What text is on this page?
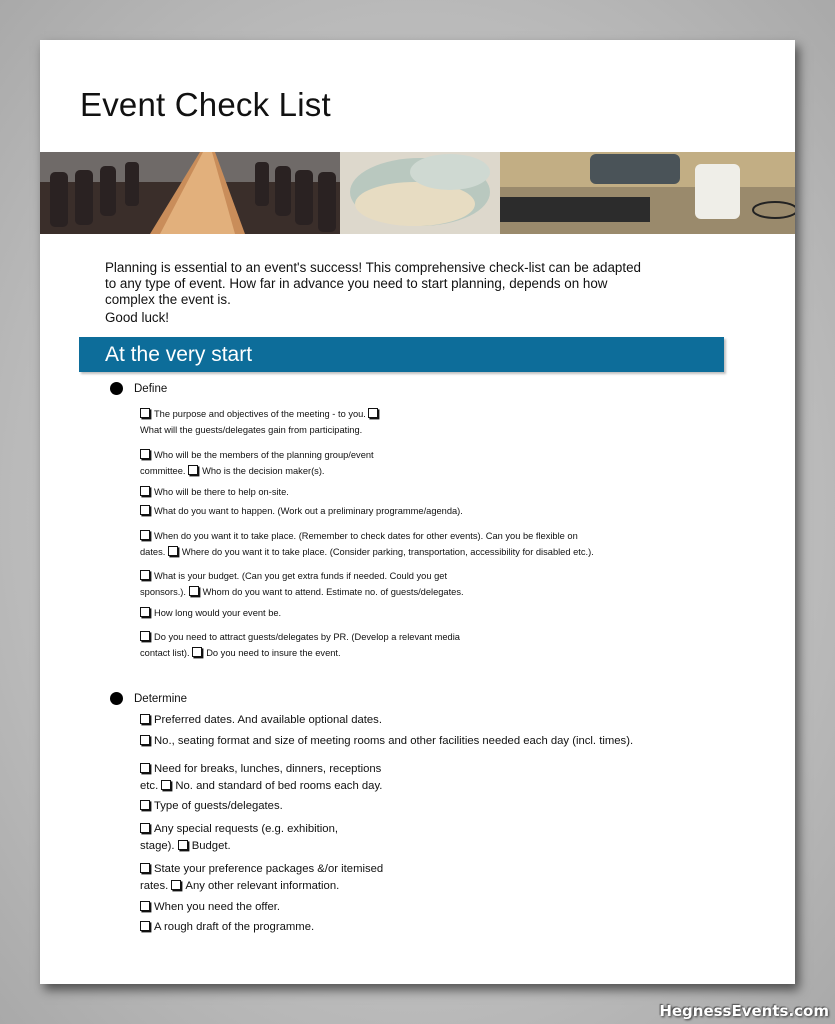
Event Check List

Planning is essential to an event's success! This comprehensive check-list can be adapted

to any type of event. How far in advance you need to start planning, depends on how

complex the event is.

Good luck!

At the very start
Define
The purpose and objectives of the meeting - to you.
What will the guests/delegates gain from participating.
Who will be the members of the planning group/event
committee. Who is the decision maker(s).
Who will be there to help on-site.
What do you want to happen. (Work out a preliminary programme/agenda).
When do you want it to take place. (Remember to check dates for other events). Can you be flexible on
dates. Where do you want it to take place. (Consider parking, transportation, accessibility for disabled etc.).
What is your budget. (Can you get extra funds if needed. Could you get
sponsors.). Whom do you want to attend. Estimate no. of guests/delegates.
How long would your event be.
Do you need to attract guests/delegates by PR. (Develop a relevant media
contact list). Do you need to insure the event.
Determine
Preferred dates. And available optional dates.
No., seating format and size of meeting rooms and other facilities needed each day (incl. times).
Need for breaks, lunches, dinners, receptions
etc. No. and standard of bed rooms each day.
Type of guests/delegates.
Any special requests (e.g. exhibition,
stage). Budget.
State your preference packages &/or itemised
rates. Any other relevant information.
When you need the offer.
A rough draft of the programme.
HegnessEvents.com
